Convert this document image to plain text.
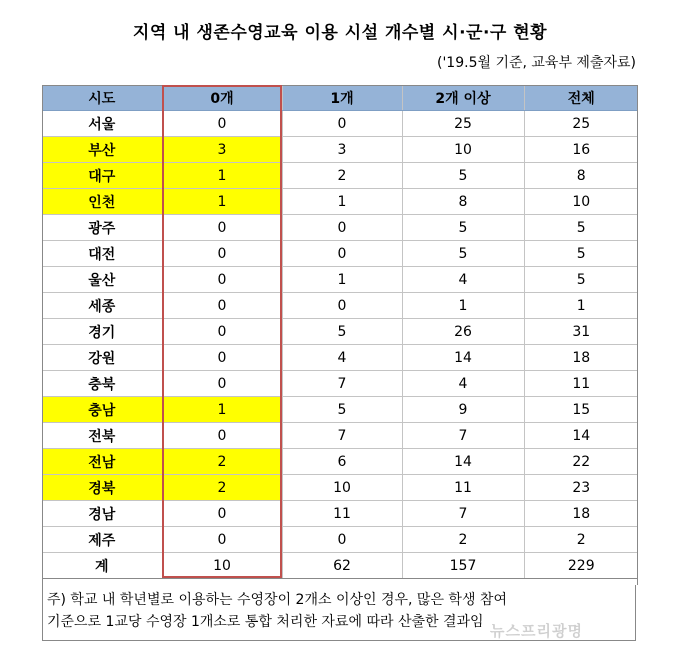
지역 내 생존수영교육 이용 시설 개수별 시·군·구 현황
('19.5월 기준, 교육부 제출자료)
시도	0개	1개	2개 이상	전체
서울	0	0	25	25
부산	3	3	10	16
대구	1	2	5	8
인천	1	1	8	10
광주	0	0	5	5
대전	0	0	5	5
울산	0	1	4	5
세종	0	0	1	1
경기	0	5	26	31
강원	0	4	14	18
충북	0	7	4	11
충남	1	5	9	15
전북	0	7	7	14
전남	2	6	14	22
경북	2	10	11	23
경남	0	11	7	18
제주	0	0	2	2
계	10	62	157	229
주) 학교 내 학년별로 이용하는 수영장이 2개소 이상인 경우, 많은 학생 참여
기준으로 1교당 수영장 1개소로 통합 처리한 자료에 따라 산출한 결과임 뉴스프리광명
